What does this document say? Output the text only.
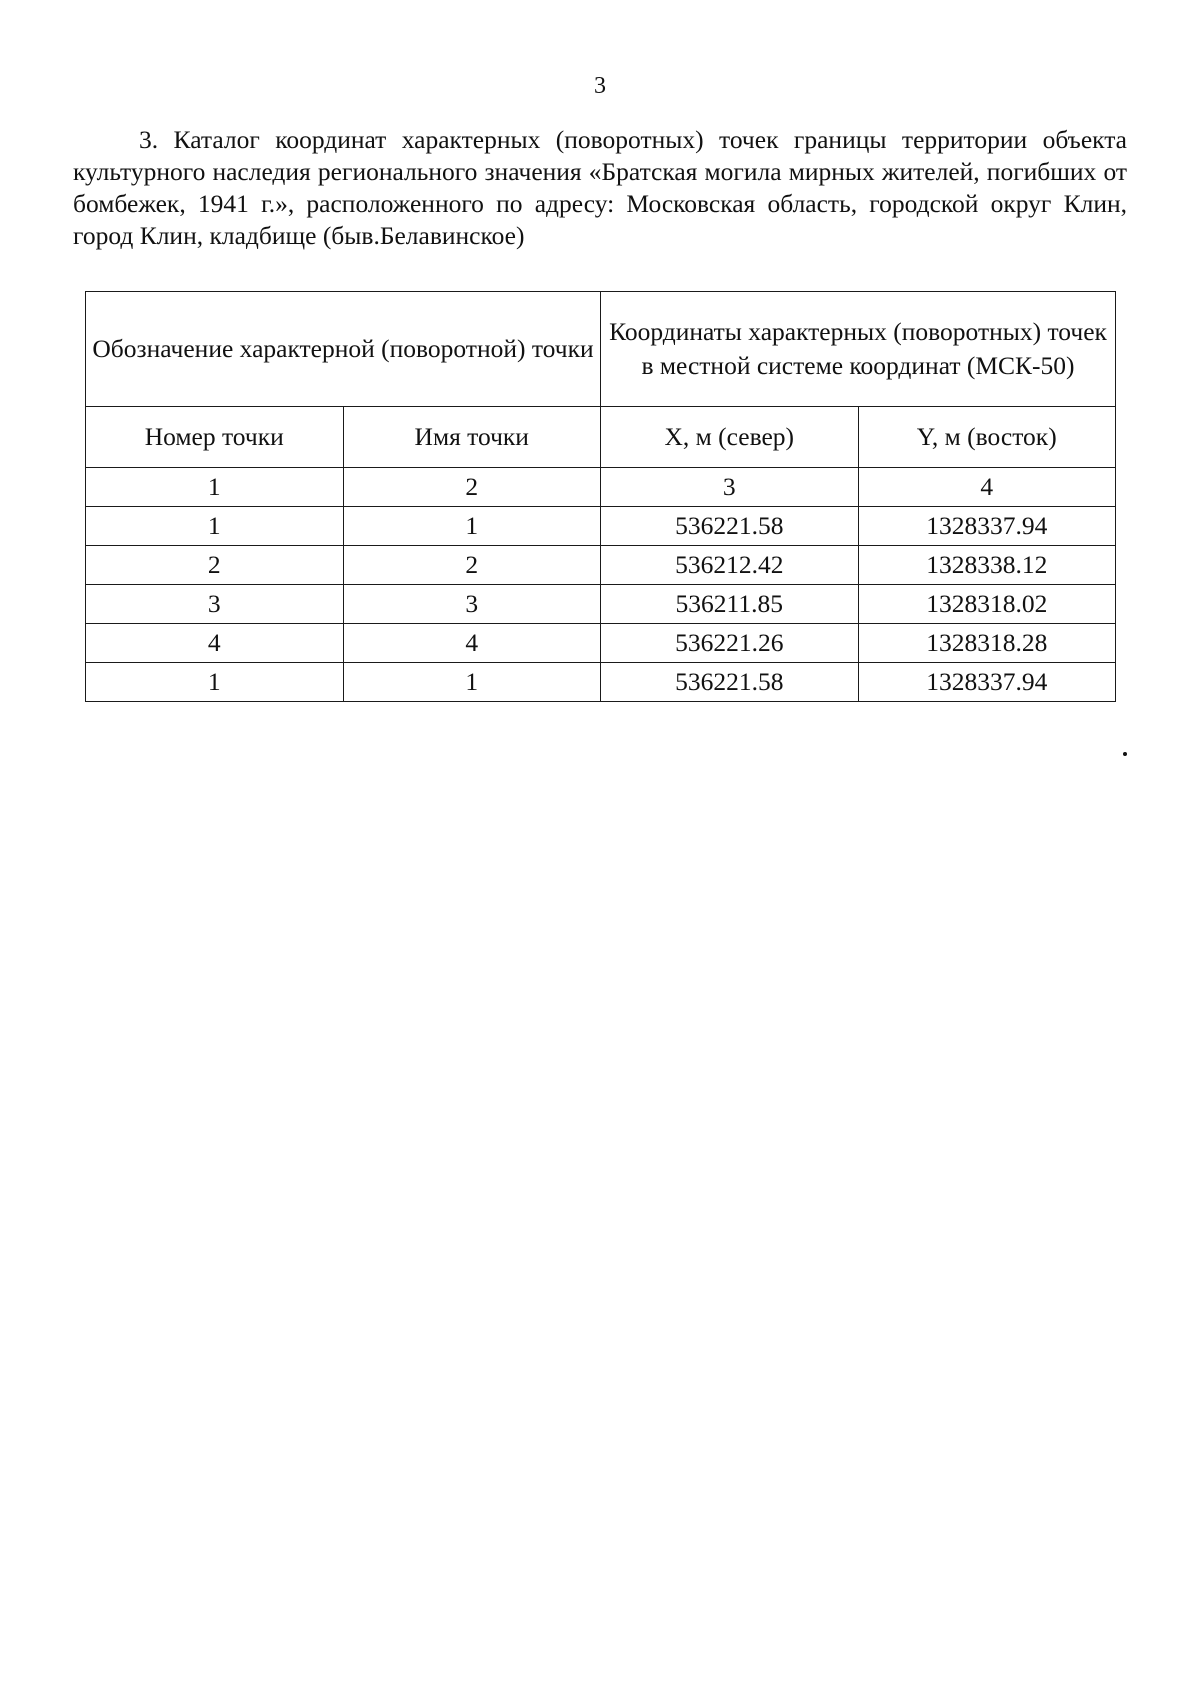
3

3. Каталог координат характерных (поворотных) точек границы территории объекта культурного наследия регионального значения «Братская могила мирных жителей, погибших от бомбежек, 1941 г.», расположенного по адресу: Московская область, городской округ Клин, город Клин, кладбище (быв.Белавинское)

Обозначение характерной (поворотной) точки		Координаты характерных (поворотных) точек в местной системе координат (МСК-50)	
Номер точки	Имя точки	X, м (север)	Y, м (восток)
1	2	3	4
1	1	536221.58	1328337.94
2	2	536212.42	1328338.12
3	3	536211.85	1328318.02
4	4	536221.26	1328318.28
1	1	536221.58	1328337.94
